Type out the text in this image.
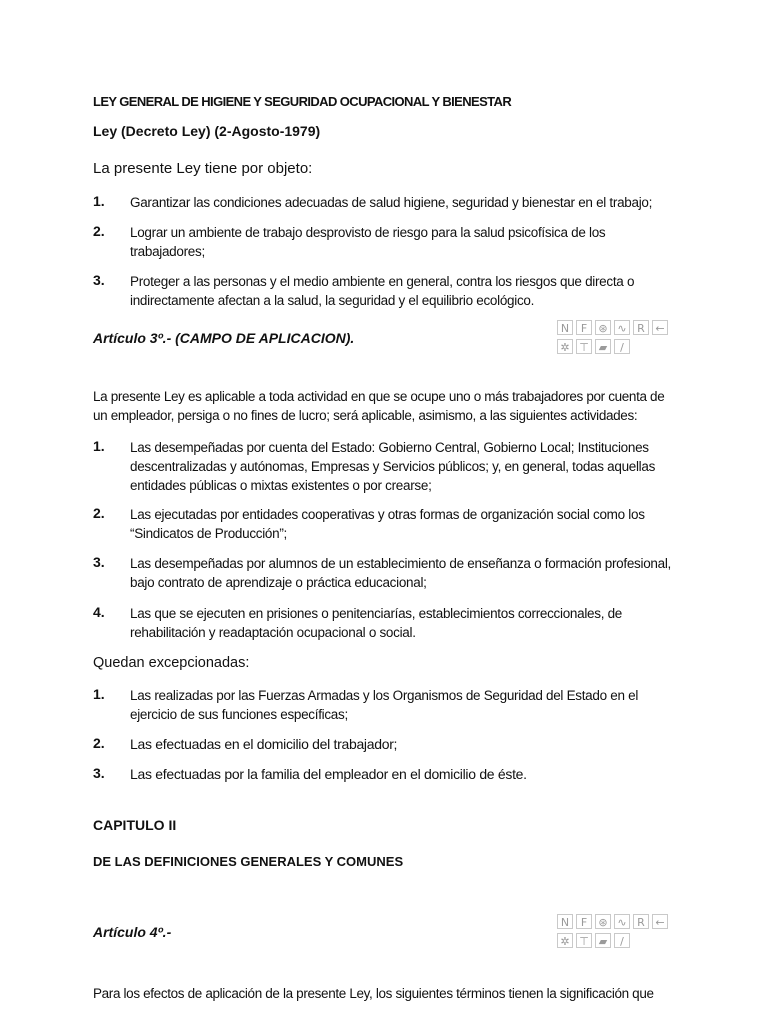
LEY GENERAL DE HIGIENE Y SEGURIDAD OCUPACIONAL Y BIENESTAR
Ley (Decreto Ley) (2-Agosto-1979)
La presente Ley tiene por objeto:
1. Garantizar las condiciones adecuadas de salud higiene, seguridad y bienestar en el trabajo;
2. Lograr un ambiente de trabajo desprovisto de riesgo para la salud psicofísica de los trabajadores;
3. Proteger a las personas y el medio ambiente en general, contra los riesgos que directa o indirectamente afectan a la salud, la seguridad y el equilibrio ecológico.
Artículo 3º.- (CAMPO DE APLICACION).
N	F	⊛ ∿ R ←
✲ ⊤ ▰	/
La presente Ley es aplicable a toda actividad en que se ocupe uno o más trabajadores por cuenta de un empleador, persiga o no fines de lucro; será aplicable, asimismo, a las siguientes actividades:
1. Las desempeñadas por cuenta del Estado: Gobierno Central, Gobierno Local; Instituciones descentralizadas y autónomas, Empresas y Servicios públicos; y, en general, todas aquellas entidades públicas o mixtas existentes o por crearse;
2. Las ejecutadas por entidades cooperativas y otras formas de organización social como los “Sindicatos de Producción”;
3. Las desempeñadas por alumnos de un establecimiento de enseñanza o formación profesional, bajo contrato de aprendizaje o práctica educacional;
4. Las que se ejecuten en prisiones o penitenciarías, establecimientos correccionales, de rehabilitación y readaptación ocupacional o social.
Quedan excepcionadas:
1. Las realizadas por las Fuerzas Armadas y los Organismos de Seguridad del Estado en el ejercicio de sus funciones específicas;
2. Las efectuadas en el domicilio del trabajador;
3. Las efectuadas por la familia del empleador en el domicilio de éste.
CAPITULO II
DE LAS DEFINICIONES GENERALES Y COMUNES
Artículo 4º.-
N	F	⊛ ∿ R ←
✲ ⊤ ▰	/
Para los efectos de aplicación de la presente Ley, los siguientes términos tienen la significación que
